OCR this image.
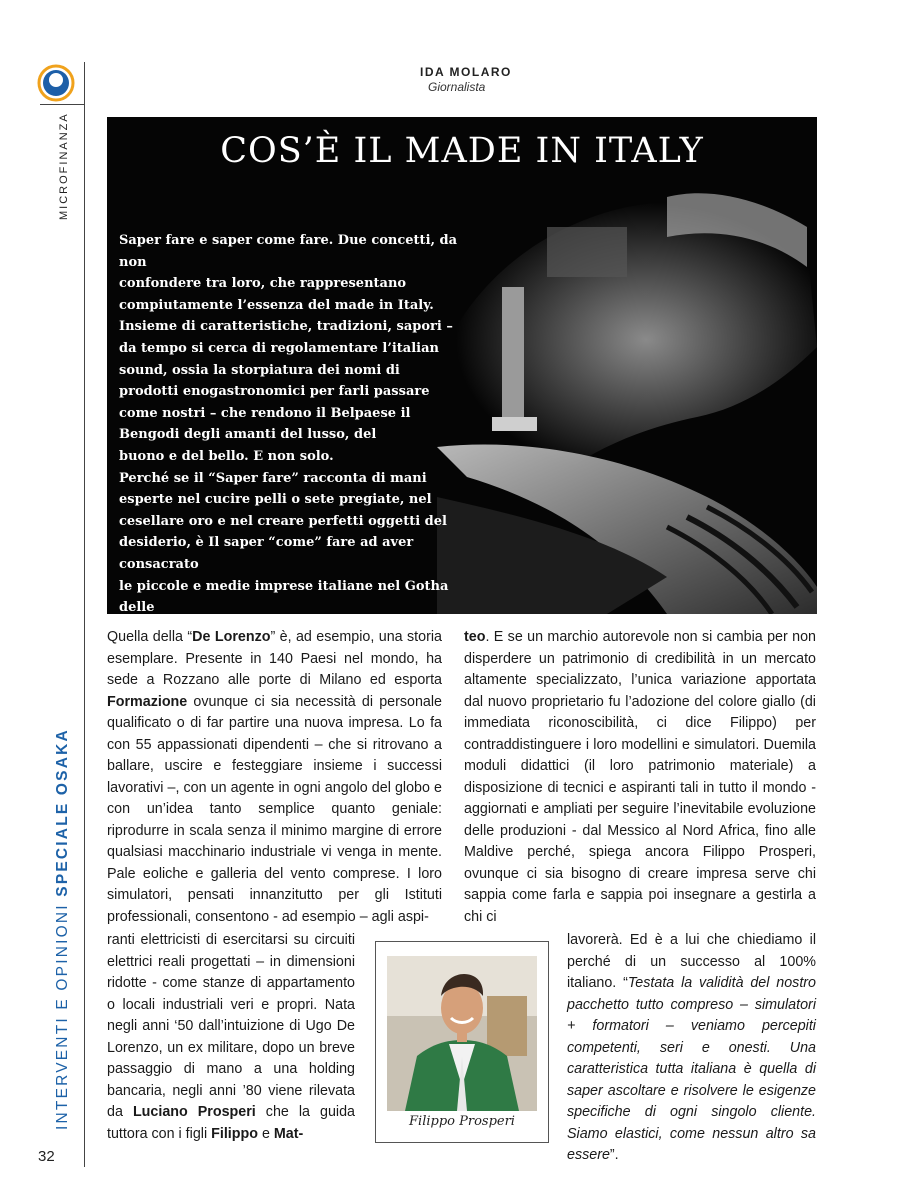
MICROFINANZA
INTERVENTI E OPINIONI SPECIALE OSAKA
32
IDA MOLARO
Giornalista
COS’È IL MADE IN ITALY
Saper fare e saper come fare. Due concetti, da non
confondere tra loro, che rappresentano
compiutamente l’essenza del made in Italy.
Insieme di caratteristiche, tradizioni, sapori –
da tempo si cerca di regolamentare l’italian
sound, ossia la storpiatura dei nomi di
prodotti enogastronomici per farli passare
come nostri – che rendono il Belpaese il
Bengodi degli amanti del lusso, del
buono e del bello. E non solo.
Perché se il “Saper fare” racconta di mani
esperte nel cucire pelli o sete pregiate, nel
cesellare oro e nel creare perfetti oggetti del
desiderio, è Il saper “come” fare ad aver consacrato
le piccole e medie imprese italiane nel Gotha delle

Quella della “De Lorenzo” è, ad esempio, una storia esemplare. Presente in 140 Paesi nel mondo, ha sede a Rozzano alle porte di Milano ed esporta Formazione ovunque ci sia necessità di personale qualificato o di far partire una nuova impresa. Lo fa con 55 appassionati dipendenti – che si ritrovano a ballare, uscire e festeggiare insieme i successi lavorativi –, con un agente in ogni angolo del globo e con un’idea tanto semplice quanto geniale: riprodurre in scala senza il minimo margine di errore qualsiasi macchinario industriale vi venga in mente. Pale eoliche e galleria del vento comprese. I loro simulatori, pensati innanzitutto per gli Istituti professionali, consentono - ad esempio – agli aspi-

ranti elettricisti di esercitarsi su circuiti elettrici reali progettati – in dimensioni ridotte - come stanze di appartamento o locali industriali veri e propri. Nata negli anni ‘50 dall’intuizione di Ugo De Lorenzo, un ex militare, dopo un breve passaggio di mano a una holding bancaria, negli anni ’80 viene rilevata da Luciano Prosperi che la guida tuttora con i figli Filippo e Mat-

teo. E se un marchio autorevole non si cambia per non disperdere un patrimonio di credibilità in un mercato altamente specializzato, l’unica variazione apportata dal nuovo proprietario fu l’adozione del colore giallo (di immediata riconoscibilità, ci dice Filippo) per contraddistinguere i loro modellini e simulatori. Duemila moduli didattici (il loro patrimonio materiale) a disposizione di tecnici e aspiranti tali in tutto il mondo - aggiornati e ampliati per seguire l’inevitabile evoluzione delle produzioni - dal Messico al Nord Africa, fino alle Maldive perché, spiega ancora Filippo Prosperi, ovunque ci sia bisogno di creare impresa serve chi sappia come farla e sappia poi insegnare a gestirla a chi ci

lavorerà. Ed è a lui che chiediamo il perché di un successo al 100% italiano. “Testata la validità del nostro pacchetto tutto compreso – simulatori + formatori – veniamo percepiti competenti, seri e onesti. Una caratteristica tutta italiana è quella di saper ascoltare e risolvere le esigenze specifiche di ogni singolo cliente. Siamo elastici, come nessun altro sa essere”.

Filippo Prosperi
